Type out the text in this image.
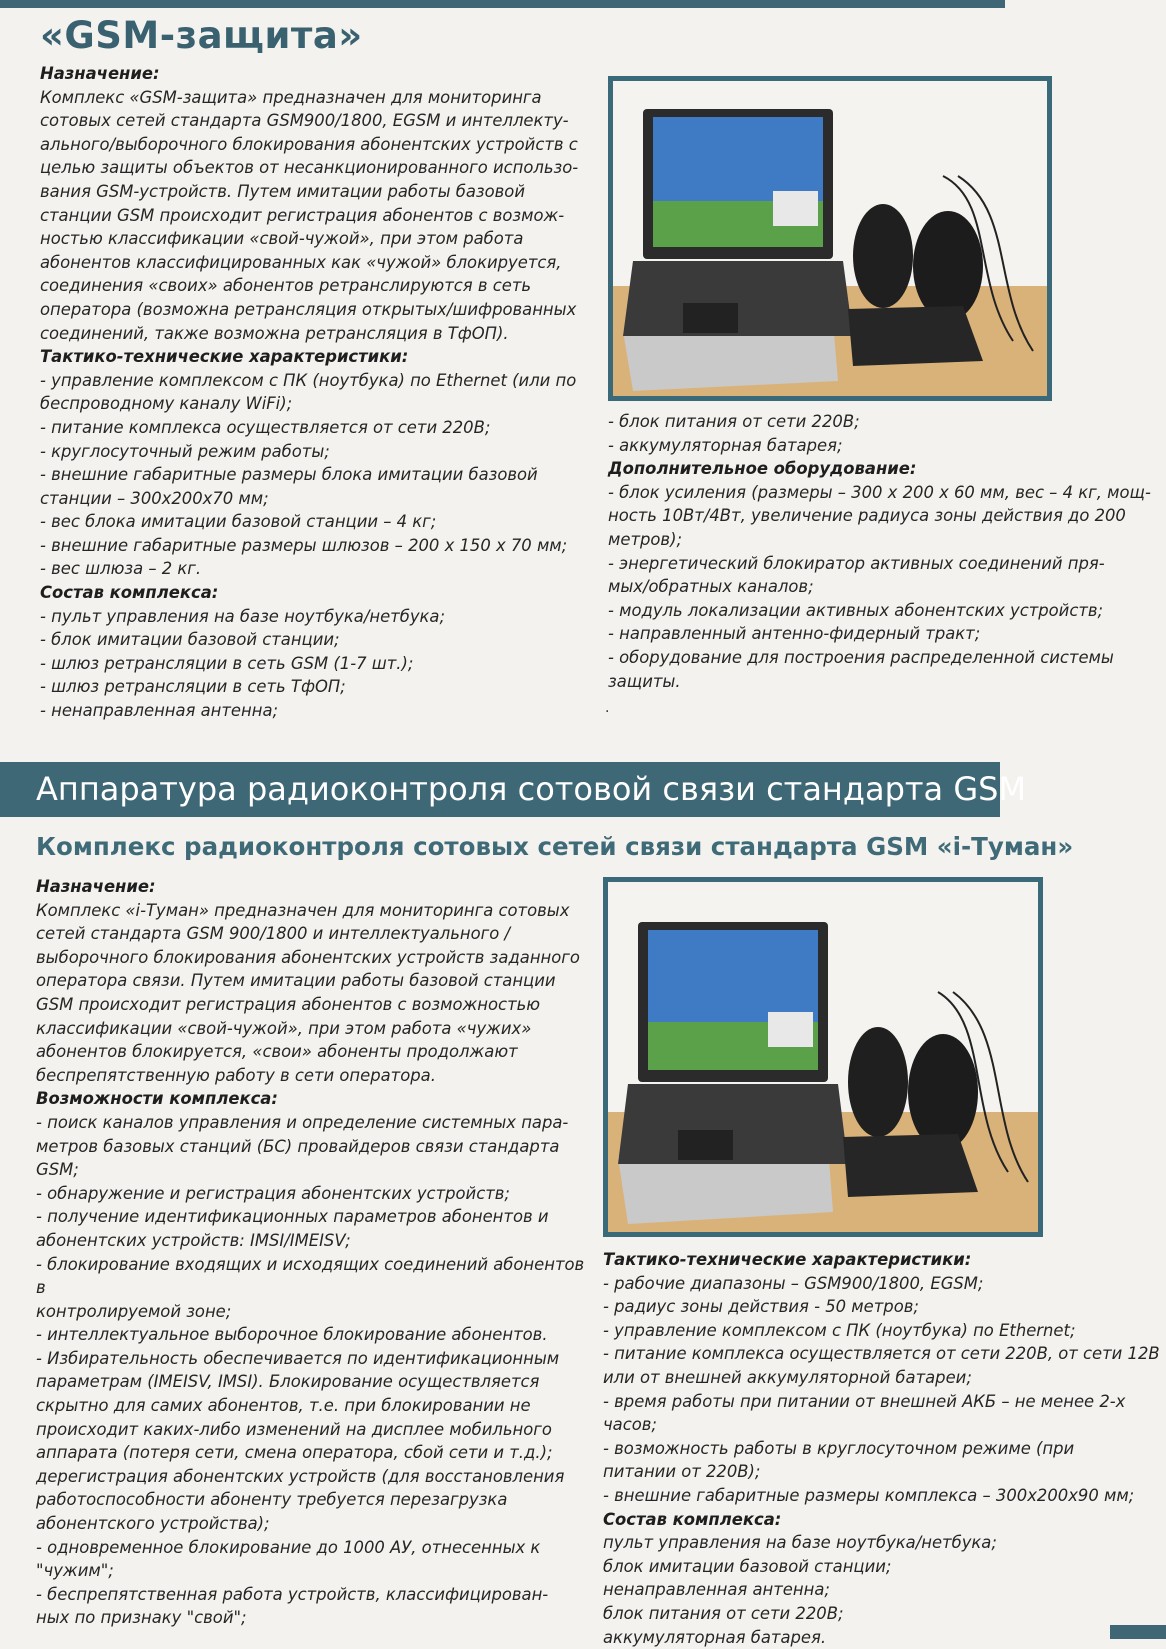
«GSM-защита»

Назначение:

Комплекс «GSM-защита» предназначен для мониторинга

сотовых сетей стандарта GSM900/1800, EGSM и интеллекту-

ального/выборочного блокирования абонентских устройств с

целью защиты объектов от несанкционированного использо-

вания GSM-устройств. Путем имитации работы базовой

станции GSM происходит регистрация абонентов с возмож-

ностью классификации «свой-чужой», при этом работа

абонентов классифицированных как «чужой» блокируется,

соединения «своих» абонентов ретранслируются в сеть

оператора (возможна ретрансляция открытых/шифрованных

соединений, также возможна ретрансляция в ТфОП).

Тактико-технические характеристики:

- управление комплексом с ПК (ноутбука) по Ethernet (или по

беспроводному каналу WiFi);

- питание комплекса осуществляется от сети 220В;

- круглосуточный режим работы;

- внешние габаритные размеры блока имитации базовой

станции – 300x200x70 мм;

- вес блока имитации базовой станции – 4 кг;

- внешние габаритные размеры шлюзов – 200 x 150 x 70 мм;

- вес шлюза – 2 кг.

Состав комплекса:

- пульт управления на базе ноутбука/нетбука;

- блок имитации базовой станции;

- шлюз ретрансляции в сеть GSM (1-7 шт.);

- шлюз ретрансляции в сеть ТфОП;

- ненаправленная антенна;

- блок питания от сети 220В;

- аккумуляторная батарея;

Дополнительное оборудование:

- блок усиления (размеры – 300 x 200 x 60 мм, вес – 4 кг, мощ-

ность 10Вт/4Вт, увеличение радиуса зоны действия до 200

метров);

- энергетический блокиратор активных соединений пря-

мых/обратных каналов;

- модуль локализации активных абонентских устройств;

- направленный антенно-фидерный тракт;

- оборудование для построения распределенной системы

защиты.

.
Аппаратура радиоконтроля сотовой связи стандарта GSM
Комплекс радиоконтроля сотовых сетей связи стандарта GSM «i-Туман»

Назначение:

Комплекс «i-Туман» предназначен для мониторинга сотовых

сетей стандарта GSM 900/1800 и интеллектуального /

выборочного блокирования абонентских устройств заданного

оператора связи. Путем имитации работы базовой станции

GSM происходит регистрация абонентов с возможностью

классификации «свой-чужой», при этом работа «чужих»

абонентов блокируется, «свои» абоненты продолжают

беспрепятственную работу в сети оператора.

Возможности комплекса:

- поиск каналов управления и определение системных пара-

метров базовых станций (БС) провайдеров связи стандарта

GSM;

- обнаружение и регистрация абонентских устройств;

- получение идентификационных параметров абонентов и

абонентских устройств: IMSI/IMEISV;

- блокирование входящих и исходящих соединений абонентов в

контролируемой зоне;

- интеллектуальное выборочное блокирование абонентов.

- Избирательность обеспечивается по идентификационным

параметрам (IMEISV, IMSI). Блокирование осуществляется

скрытно для самих абонентов, т.е. при блокировании не

происходит каких-либо изменений на дисплее мобильного

аппарата (потеря сети, смена оператора, сбой сети и т.д.);

дерегистрация абонентских устройств (для восстановления

работоспособности абоненту требуется перезагрузка

абонентского устройства);

- одновременное блокирование до 1000 АУ, отнесенных к "чужим";

- беспрепятственная работа устройств, классифицирован-

ных по признаку "свой";

Тактико-технические характеристики:

- рабочие диапазоны – GSM900/1800, EGSM;

- радиус зоны действия - 50 метров;

- управление комплексом с ПК (ноутбука) по Ethernet;

- питание комплекса осуществляется от сети 220В, от сети 12В

или от внешней аккумуляторной батареи;

- время работы при питании от внешней АКБ – не менее 2-х часов;

- возможность работы в круглосуточном режиме (при

питании от 220В);

- внешние габаритные размеры комплекса – 300x200x90 мм;

Состав комплекса:

пульт управления на базе ноутбука/нетбука;

блок имитации базовой станции;

ненаправленная антенна;

блок питания от сети 220В;

аккумуляторная батарея.
